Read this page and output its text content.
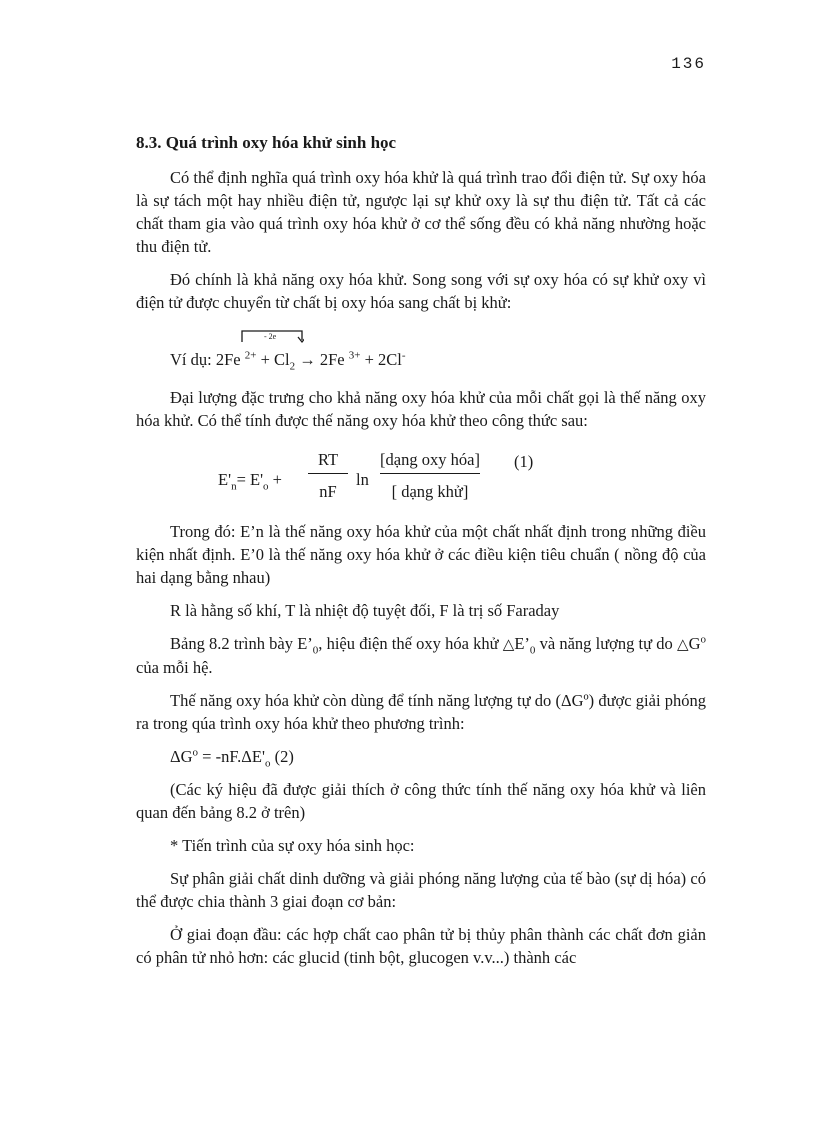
136
8.3. Quá trình oxy hóa khử sinh học

Có thể định nghĩa quá trình oxy hóa khử là quá trình trao đổi điện tử. Sự oxy hóa là sự tách một hay nhiều điện tử, ngược lại sự khử oxy là sự thu điện tử. Tất cả các chất tham gia vào quá trình oxy hóa khử ở cơ thể sống đều có khả năng nhường hoặc thu điện tử.

Đó chính là khả năng oxy hóa khử. Song song với sự oxy hóa có sự khử oxy vì điện tử được chuyển từ chất bị oxy hóa sang chất bị khử:

- 2e
Ví dụ: 2Fe $^{2+} + Cl_2 \to 2Fe$ $^{3+}$ + 2Cl-

Đại lượng đặc trưng cho khả năng oxy hóa khử của mỗi chất gọi là thế năng oxy hóa khử. Có thể tính được thế năng oxy hóa khử theo công thức sau:

$E'_n= E'_o$ +
RT
nF
ln
[dạng oxy hóa]
[ dạng khử]
(1)

Trong đó: E’n là thế năng oxy hóa khử của một chất nhất định trong những điều kiện nhất định. E’0 là thế năng oxy hóa khử ở các điều kiện tiêu chuẩn ( nồng độ của hai dạng bằng nhau)

R là hằng số khí, T là nhiệt độ tuyệt đối, F là trị số Faraday

Bảng 8.2 trình bày $E’_0$, hiệu điện thế oxy hóa khử $\triangle E’_0$ và năng lượng tự do $\triangle G^o$ của mỗi hệ.

Thế năng oxy hóa khử còn dùng để tính năng lượng tự do (ΔGº) được giải phóng ra trong qúa trình oxy hóa khử theo phương trình:

$\Delta G^o = -nF.\Delta E'_o$ (2)

(Các ký hiệu đã được giải thích ở công thức tính thế năng oxy hóa khử và liên quan đến bảng 8.2 ở trên)

* Tiến trình của sự oxy hóa sinh học:

Sự phân giải chất dinh dưỡng và giải phóng năng lượng của tế bào (sự dị hóa) có thể được chia thành 3 giai đoạn cơ bản:

Ở giai đoạn đầu: các hợp chất cao phân tử bị thủy phân thành các chất đơn giản có phân tử nhỏ hơn: các glucid (tinh bột, glucogen v.v...) thành các
